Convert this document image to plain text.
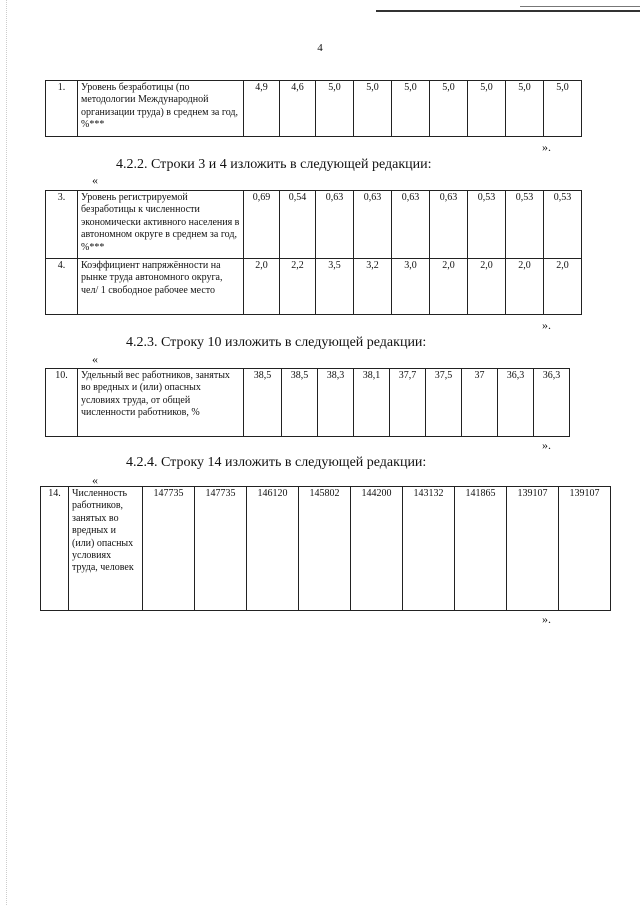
4
1.	Уровень безработицы (по методологии Международной организации труда) в среднем за год, %***	4,9	4,6	5,0	5,0	5,0	5,0	5,0	5,0	5,0
».
4.2.2. Строки 3 и 4 изложить в следующей редакции:
«
3.	Уровень регистрируемой безработицы к численности экономически активного населения в автономном округе в среднем за год, %***	0,69	0,54	0,63	0,63	0,63	0,63	0,53	0,53	0,53
4.	Коэффициент напряжённости на рынке труда автономного округа, чел/ 1 свободное рабочее место	2,0	2,2	3,5	3,2	3,0	2,0	2,0	2,0	2,0
».
4.2.3. Строку 10 изложить в следующей редакции:
«
10.	Удельный вес работников, занятых во вредных и (или) опасных условиях труда, от общей численности работников, %	38,5	38,5	38,3	38,1	37,7	37,5	37	36,3	36,3
».
4.2.4. Строку 14 изложить в следующей редакции:
«
14.	Численность работников, занятых во вредных и (или) опасных условиях труда, человек	147735	147735	146120	145802	144200	143132	141865	139107	139107
».
